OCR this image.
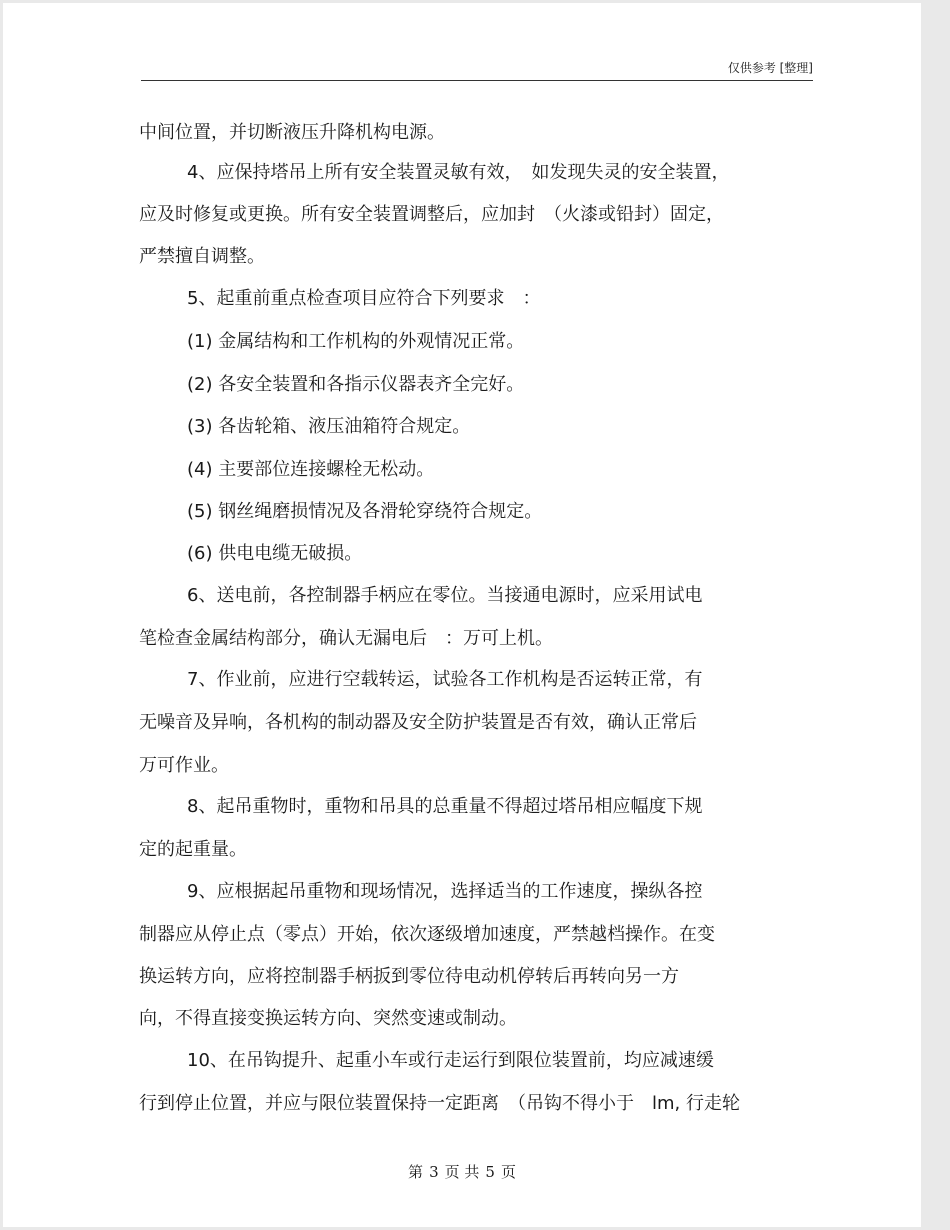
仅供参考 [整理]
中间位置，并切断液压升降机构电源。
4、应保持塔吊上所有安全装置灵敏有效，　如发现失灵的安全装置，
应及时修复或更换。所有安全装置调整后，应加封　（火漆或铅封）固定，
严禁擅自调整。
5、起重前重点检查项目应符合下列要求　：
(1) 金属结构和工作机构的外观情况正常。
(2) 各安全装置和各指示仪器表齐全完好。
(3) 各齿轮箱、液压油箱符合规定。
(4) 主要部位连接螺栓无松动。
(5) 钢丝绳磨损情况及各滑轮穿绕符合规定。
(6) 供电电缆无破损。
6、送电前，各控制器手柄应在零位。当接通电源时，应采用试电
笔检查金属结构部分，确认无漏电后　：万可上机。
7、作业前，应进行空载转运，试验各工作机构是否运转正常，有
无噪音及异响，各机构的制动器及安全防护装置是否有效，确认正常后
万可作业。
8、起吊重物时，重物和吊具的总重量不得超过塔吊相应幅度下规
定的起重量。
9、应根据起吊重物和现场情况，选择适当的工作速度，操纵各控
制器应从停止点（零点）开始，依次逐级增加速度，严禁越档操作。在变
换运转方向，应将控制器手柄扳到零位待电动机停转后再转向另一方
向，不得直接变换运转方向、突然变速或制动。
10、在吊钩提升、起重小车或行走运行到限位装置前，均应减速缓
行到停止位置，并应与限位装置保持一定距离　（吊钩不得小于　lm, 行走轮
第 3 页 共 5 页
